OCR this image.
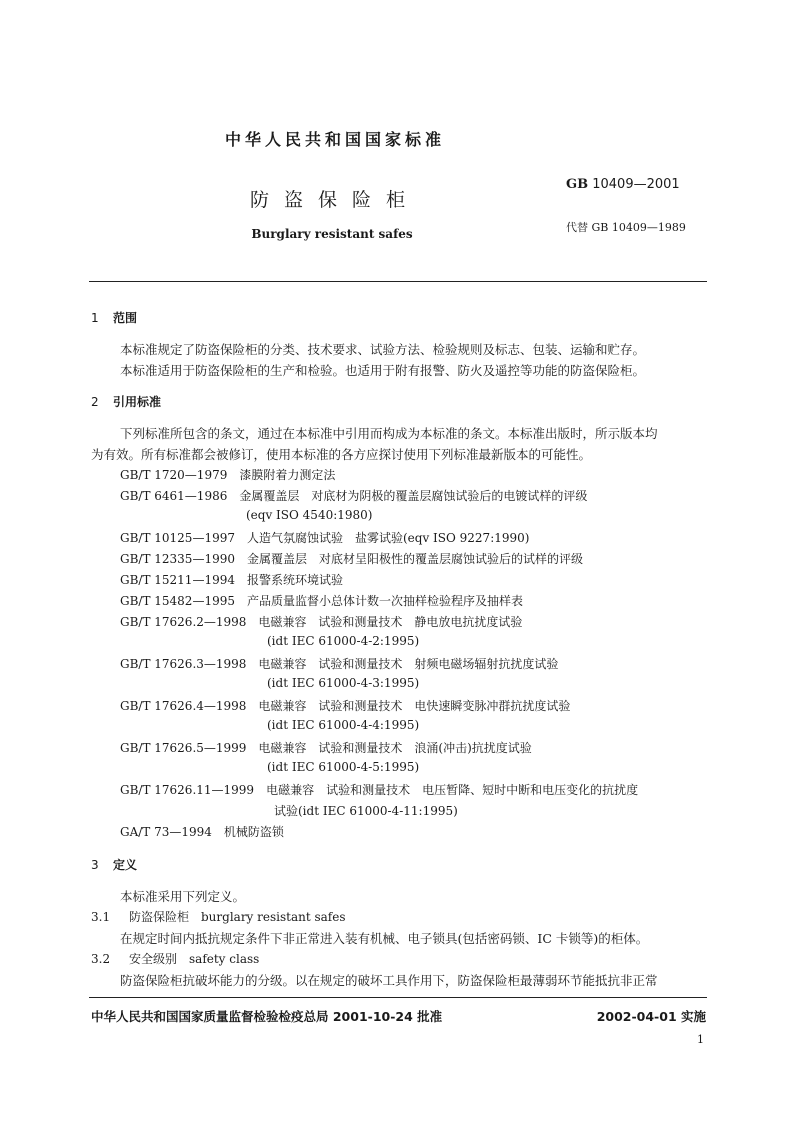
中华人民共和国国家标准
防盗保险柜
Burglary resistant safes
GB 10409—2001
代替 GB 10409—1989
1 范围
本标准规定了防盗保险柜的分类、技术要求、试验方法、检验规则及标志、包装、运输和贮存。
本标准适用于防盗保险柜的生产和检验。也适用于附有报警、防火及遥控等功能的防盗保险柜。
2 引用标准
下列标准所包含的条文，通过在本标准中引用而构成为本标准的条文。本标准出版时，所示版本均
为有效。所有标准都会被修订，使用本标准的各方应探讨使用下列标准最新版本的可能性。
GB/T 1720—1979　漆膜附着力测定法
GB/T 6461—1986　金属覆盖层　对底材为阴极的覆盖层腐蚀试验后的电镀试样的评级
(eqv ISO 4540:1980)
GB/T 10125—1997　人造气氛腐蚀试验　盐雾试验(eqv ISO 9227:1990)
GB/T 12335—1990　金属覆盖层　对底材呈阳极性的覆盖层腐蚀试验后的试样的评级
GB/T 15211—1994　报警系统环境试验
GB/T 15482—1995　产品质量监督小总体计数一次抽样检验程序及抽样表
GB/T 17626.2—1998　电磁兼容　试验和测量技术　静电放电抗扰度试验
(idt IEC 61000-4-2:1995)
GB/T 17626.3—1998　电磁兼容　试验和测量技术　射频电磁场辐射抗扰度试验
(idt IEC 61000-4-3:1995)
GB/T 17626.4—1998　电磁兼容　试验和测量技术　电快速瞬变脉冲群抗扰度试验
(idt IEC 61000-4-4:1995)
GB/T 17626.5—1999　电磁兼容　试验和测量技术　浪涌(冲击)抗扰度试验
(idt IEC 61000-4-5:1995)
GB/T 17626.11—1999　电磁兼容　试验和测量技术　电压暂降、短时中断和电压变化的抗扰度
试验(idt IEC 61000-4-11:1995)
GA/T 73—1994　机械防盗锁
3 定义
本标准采用下列定义。
3.1 防盗保险柜　burglary resistant safes
在规定时间内抵抗规定条件下非正常进入装有机械、电子锁具(包括密码锁、IC 卡锁等)的柜体。
3.2 安全级别　safety class
防盗保险柜抗破坏能力的分级。以在规定的破坏工具作用下，防盗保险柜最薄弱环节能抵抗非正常
中华人民共和国国家质量监督检验检疫总局 2001-10-24 批准	2002-04-01 实施
1
